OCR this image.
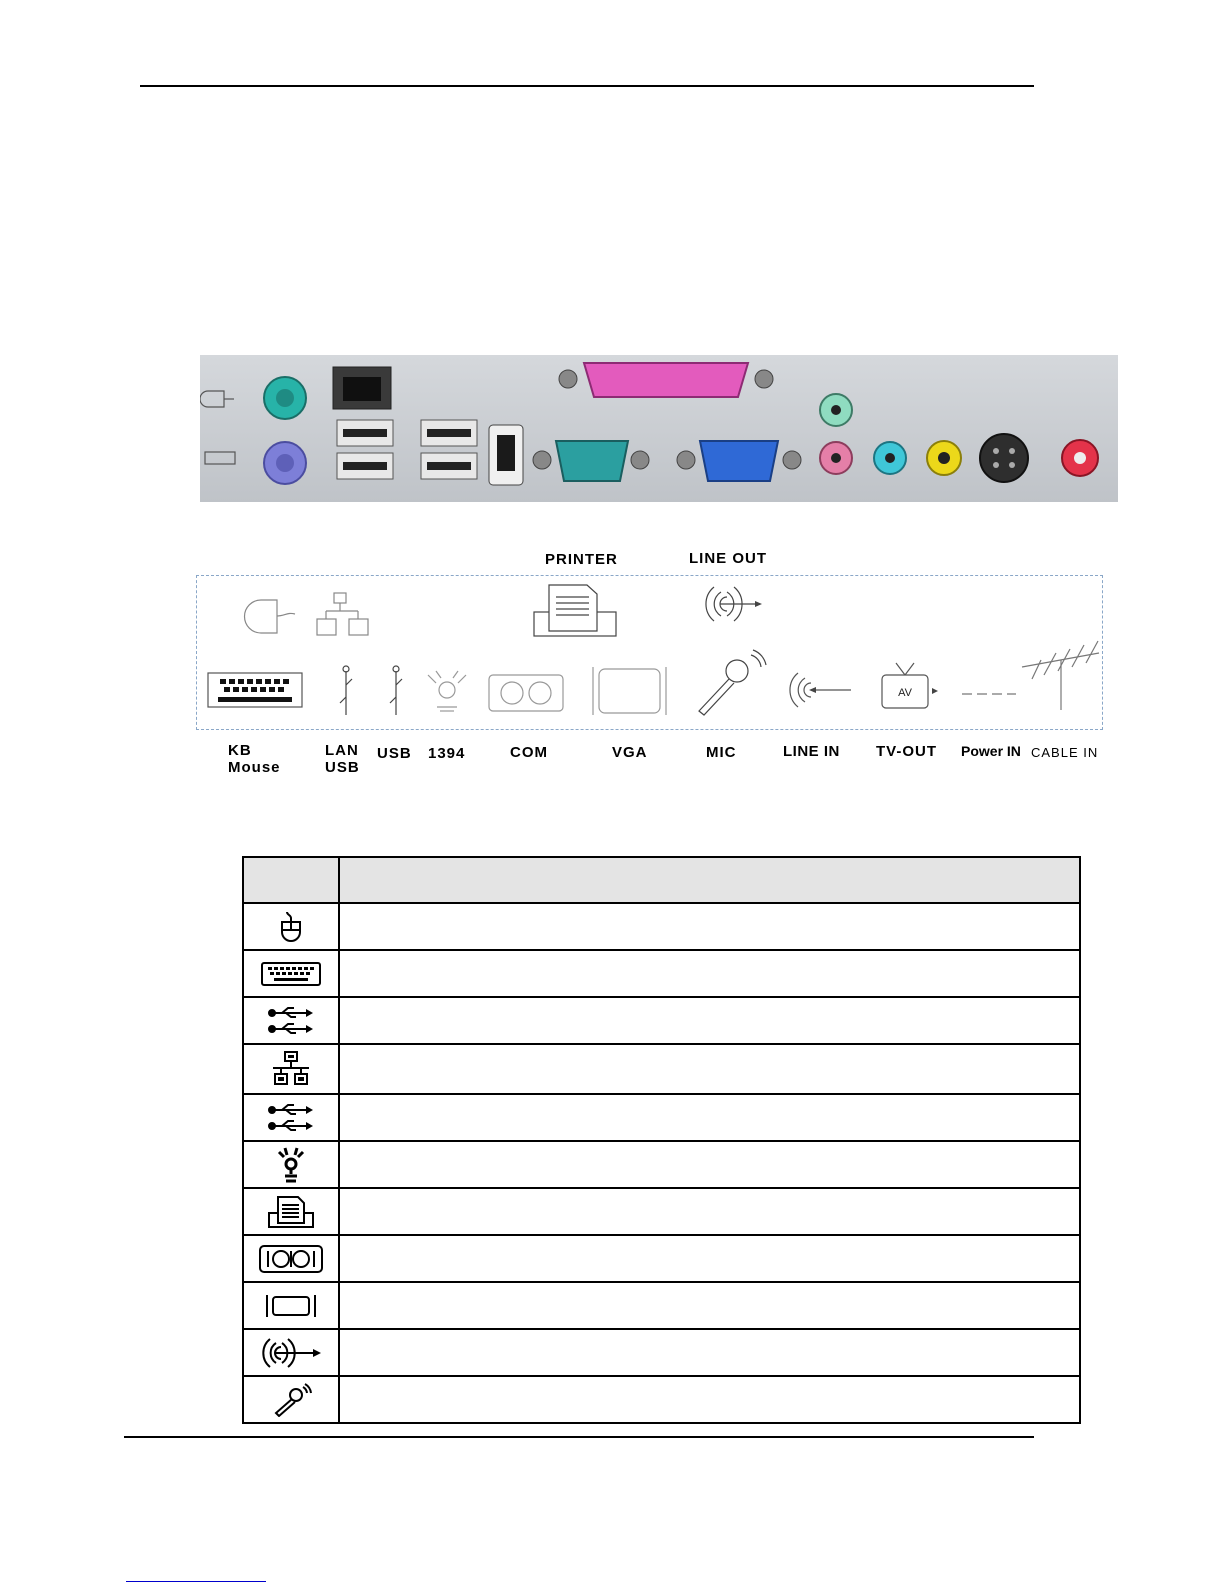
PRINTER	LINE OUT
AV
KB
Mouse
LAN
USB
USB 1394	COM	VGA	MIC	LINE IN TV-OUT Power IN CABLE IN
